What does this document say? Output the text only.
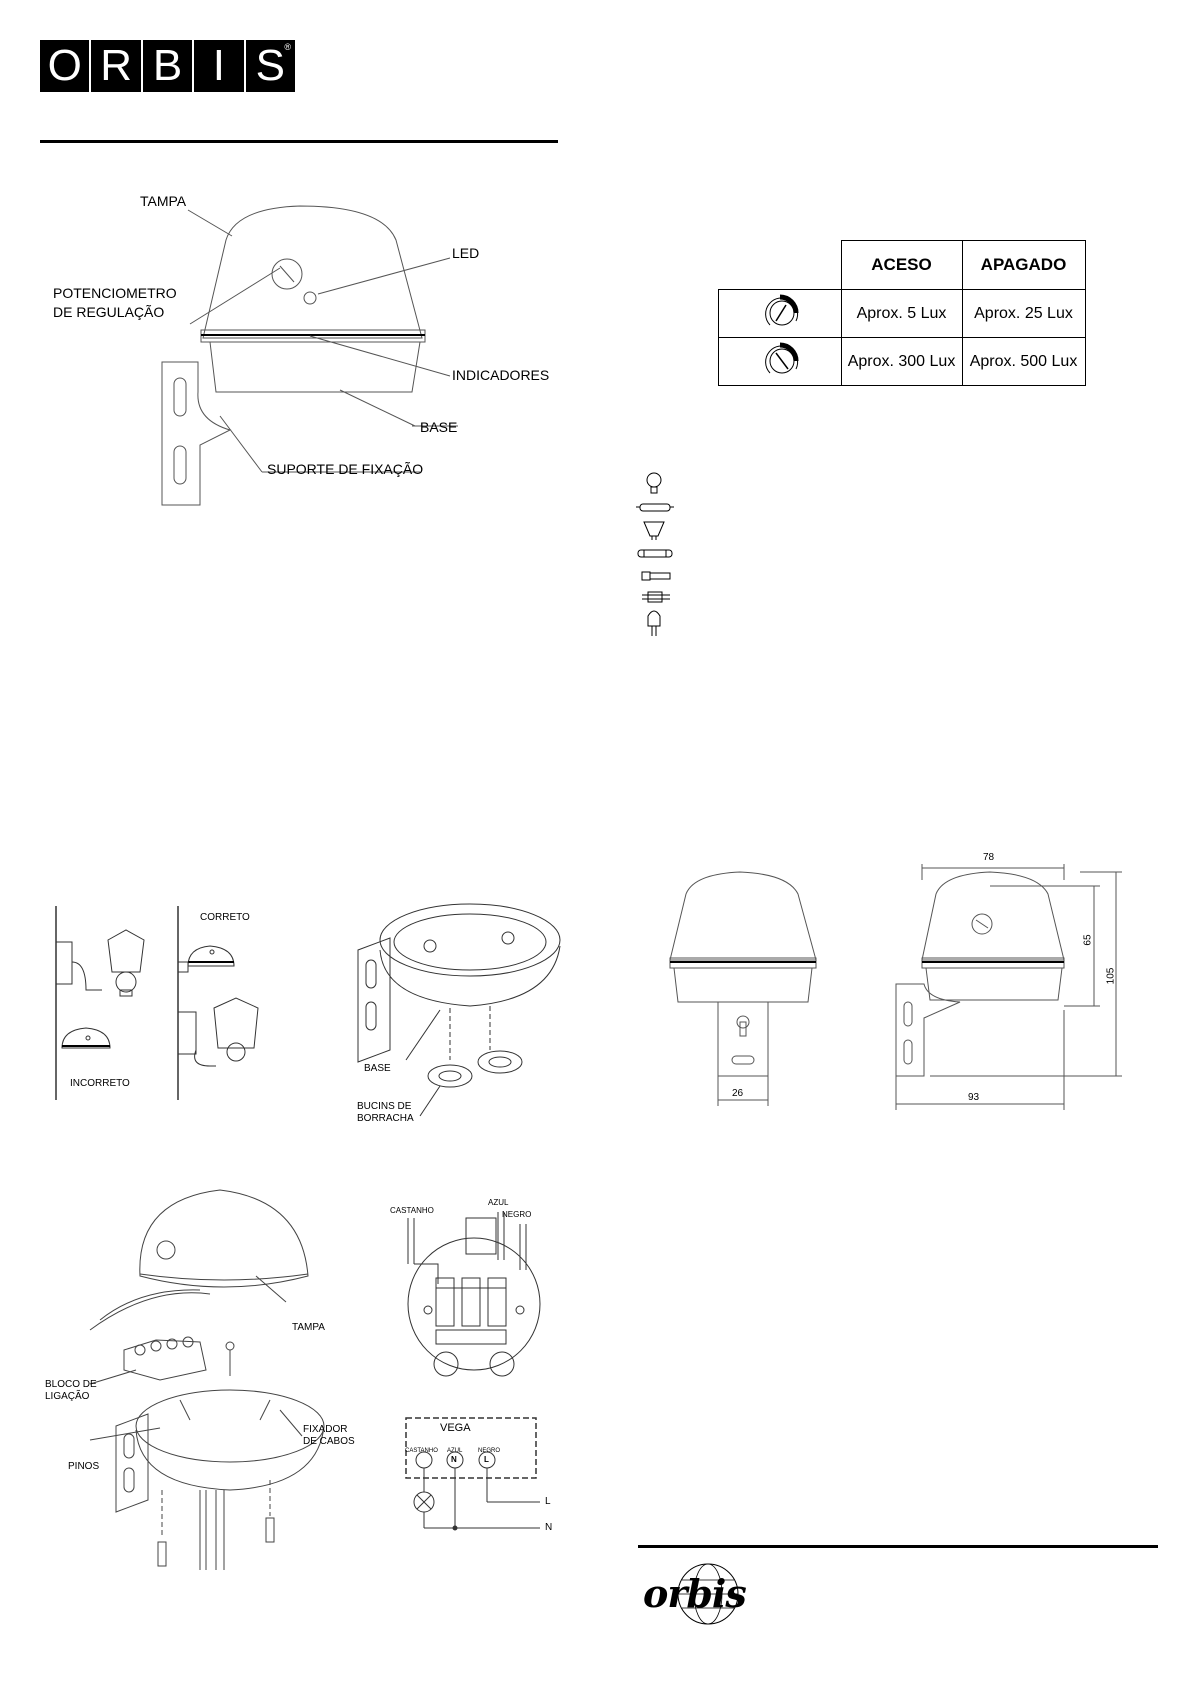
O R B I S ®
TAMPA
LED
POTENCIOMETRO
DE REGULAÇÃO
INDICADORES
BASE
SUPORTE DE FIXAÇÃO
	ACESO	APAGADO
	Aprox. 5 Lux	Aprox. 25 Lux
	Aprox. 300 Lux	Aprox. 500 Lux
CORRETO
INCORRETO
BASE
BUCINS DE
BORRACHA
78
65
105
93
26
TAMPA
BLOCO DE
LIGAÇÃO
FIXADOR
DE CABOS
PINOS
CASTANHO
AZUL
NEGRO
VEGA
CASTANHO AZUL	NEGRO
N	L
L
N
orbis
